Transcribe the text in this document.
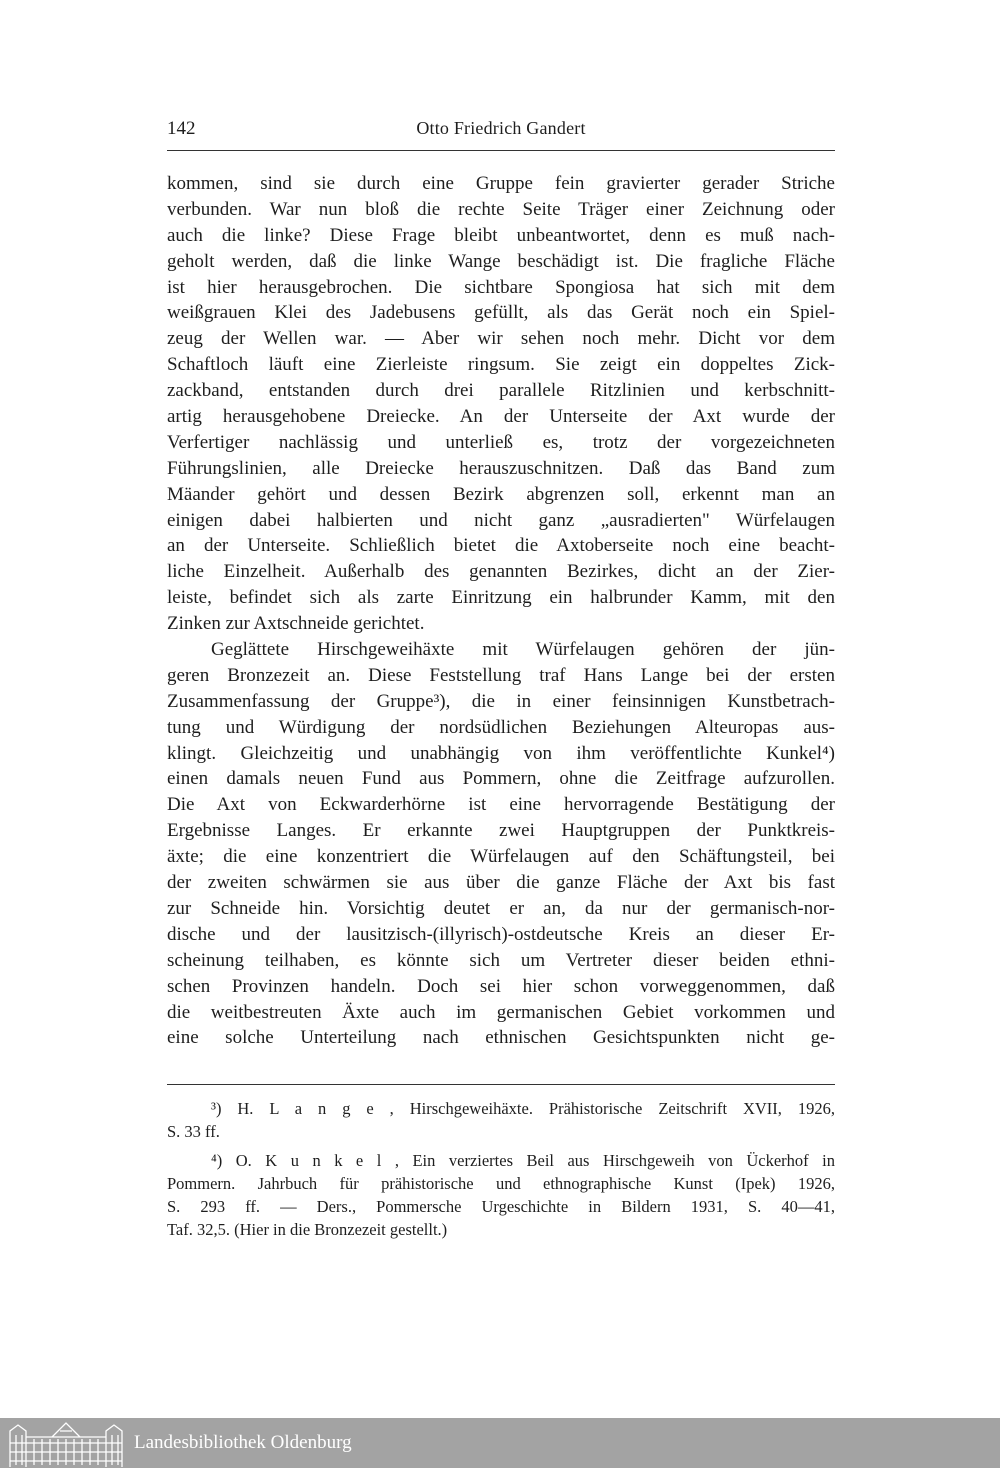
142	Otto Friedrich Gandert
kommen, sind sie durch eine Gruppe fein gravierter gerader Striche
verbunden. War nun bloß die rechte Seite Träger einer Zeichnung oder
auch die linke? Diese Frage bleibt unbeantwortet, denn es muß nach-
geholt werden, daß die linke Wange beschädigt ist. Die fragliche Fläche
ist hier herausgebrochen. Die sichtbare Spongiosa hat sich mit dem
weißgrauen Klei des Jadebusens gefüllt, als das Gerät noch ein Spiel-
zeug der Wellen war. — Aber wir sehen noch mehr. Dicht vor dem
Schaftloch läuft eine Zierleiste ringsum. Sie zeigt ein doppeltes Zick-
zackband, entstanden durch drei parallele Ritzlinien und kerbschnitt-
artig herausgehobene Dreiecke. An der Unterseite der Axt wurde der
Verfertiger nachlässig und unterließ es, trotz der vorgezeichneten
Führungslinien, alle Dreiecke herauszuschnitzen. Daß das Band zum
Mäander gehört und dessen Bezirk abgrenzen soll, erkennt man an
einigen dabei halbierten und nicht ganz „ausradierten" Würfelaugen
an der Unterseite. Schließlich bietet die Axtoberseite noch eine beacht-
liche Einzelheit. Außerhalb des genannten Bezirkes, dicht an der Zier-
leiste, befindet sich als zarte Einritzung ein halbrunder Kamm, mit den
Zinken zur Axtschneide gerichtet.
Geglättete Hirschgeweihäxte mit Würfelaugen gehören der jün-
geren Bronzezeit an. Diese Feststellung traf Hans Lange bei der ersten
Zusammenfassung der Gruppe³), die in einer feinsinnigen Kunstbetrach-
tung und Würdigung der nordsüdlichen Beziehungen Alteuropas aus-
klingt. Gleichzeitig und unabhängig von ihm veröffentlichte Kunkel⁴)
einen damals neuen Fund aus Pommern, ohne die Zeitfrage aufzurollen.
Die Axt von Eckwarderhörne ist eine hervorragende Bestätigung der
Ergebnisse Langes. Er erkannte zwei Hauptgruppen der Punktkreis-
äxte; die eine konzentriert die Würfelaugen auf den Schäftungsteil, bei
der zweiten schwärmen sie aus über die ganze Fläche der Axt bis fast
zur Schneide hin. Vorsichtig deutet er an, da nur der germanisch-nor-
dische und der lausitzisch-(illyrisch)-ostdeutsche Kreis an dieser Er-
scheinung teilhaben, es könnte sich um Vertreter dieser beiden ethni-
schen Provinzen handeln. Doch sei hier schon vorweggenommen, daß
die weitbestreuten Äxte auch im germanischen Gebiet vorkommen und
eine solche Unterteilung nach ethnischen Gesichtspunkten nicht ge-
³) H. L a n g e , Hirschgeweihäxte. Prähistorische Zeitschrift XVII, 1926,
S. 33 ff.
⁴) O. K u n k e l , Ein verziertes Beil aus Hirschgeweih von Ückerhof in
Pommern. Jahrbuch für prähistorische und ethnographische Kunst (Ipek) 1926,
S. 293 ff. — Ders., Pommersche Urgeschichte in Bildern 1931, S. 40—41,
Taf. 32,5. (Hier in die Bronzezeit gestellt.)
Landesbibliothek Oldenburg
